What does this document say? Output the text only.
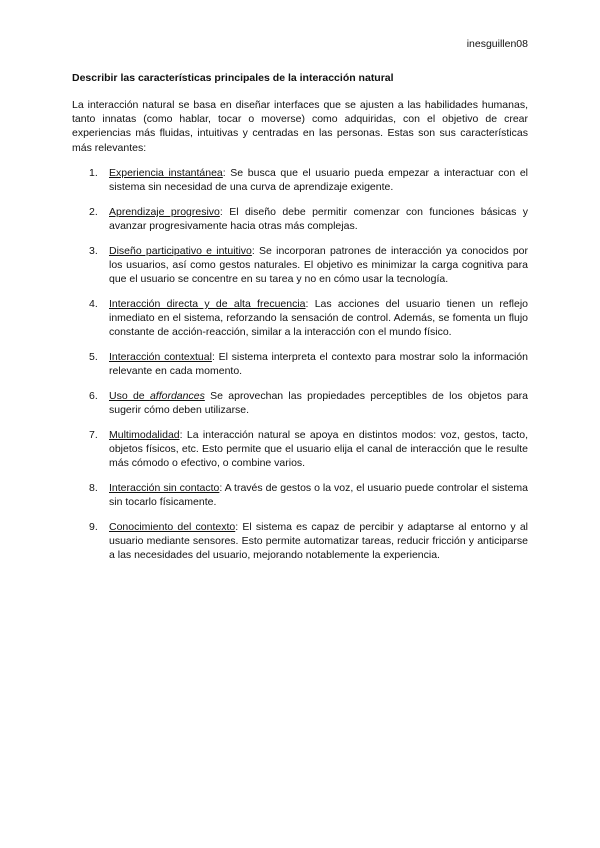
inesguillen08
Describir las características principales de la interacción natural

La interacción natural se basa en diseñar interfaces que se ajusten a las habilidades humanas, tanto innatas (como hablar, tocar o moverse) como adquiridas, con el objetivo de crear experiencias más fluidas, intuitivas y centradas en las personas. Estas son sus características más relevantes:

1. Experiencia instantánea: Se busca que el usuario pueda empezar a interactuar con el sistema sin necesidad de una curva de aprendizaje exigente.
2. Aprendizaje progresivo: El diseño debe permitir comenzar con funciones básicas y avanzar progresivamente hacia otras más complejas.
3. Diseño participativo e intuitivo: Se incorporan patrones de interacción ya conocidos por los usuarios, así como gestos naturales. El objetivo es minimizar la carga cognitiva para que el usuario se concentre en su tarea y no en cómo usar la tecnología.
4. Interacción directa y de alta frecuencia: Las acciones del usuario tienen un reflejo inmediato en el sistema, reforzando la sensación de control. Además, se fomenta un flujo constante de acción-reacción, similar a la interacción con el mundo físico.
5. Interacción contextual: El sistema interpreta el contexto para mostrar solo la información relevante en cada momento.
6. Uso de affordances Se aprovechan las propiedades perceptibles de los objetos para sugerir cómo deben utilizarse.
7. Multimodalidad: La interacción natural se apoya en distintos modos: voz, gestos, tacto, objetos físicos, etc. Esto permite que el usuario elija el canal de interacción que le resulte más cómodo o efectivo, o combine varios.
8. Interacción sin contacto: A través de gestos o la voz, el usuario puede controlar el sistema sin tocarlo físicamente.
9. Conocimiento del contexto: El sistema es capaz de percibir y adaptarse al entorno y al usuario mediante sensores. Esto permite automatizar tareas, reducir fricción y anticiparse a las necesidades del usuario, mejorando notablemente la experiencia.
